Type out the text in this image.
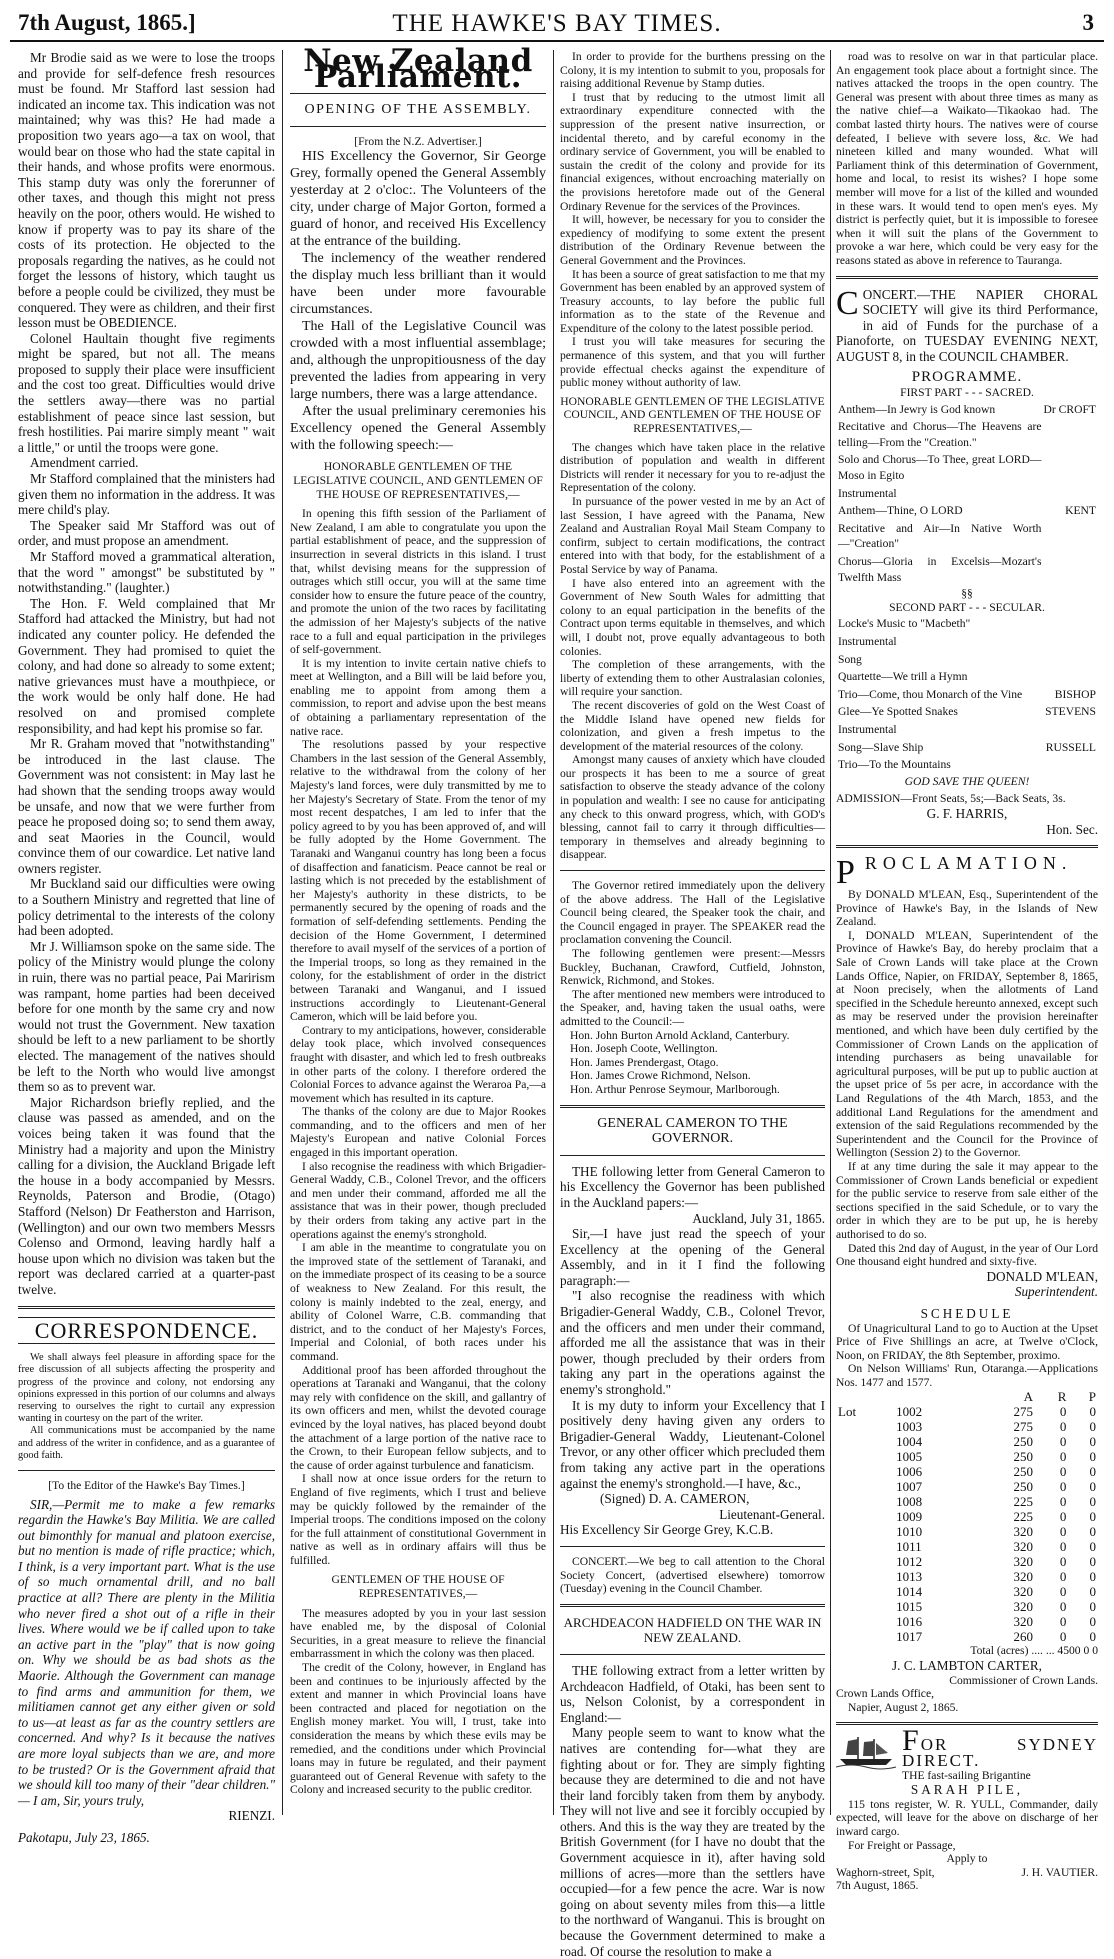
7th August, 1865.]	THE HAWKE'S BAY TIMES.	3

Mr Brodie said as we were to lose the troops and provide for self-defence fresh resources must be found. Mr Stafford last session had indicated an income tax. This indication was not maintained; why was this? He had made a proposition two years ago—a tax on wool, that would bear on those who had the state capital in their hands, and whose profits were enormous. This stamp duty was only the forerunner of other taxes, and though this might not press heavily on the poor, others would. He wished to know if property was to pay its share of the costs of its protection. He objected to the proposals regarding the natives, as he could not forget the lessons of history, which taught us before a people could be civilized, they must be conquered. They were as children, and their first lesson must be OBEDIENCE.

Colonel Haultain thought five regiments might be spared, but not all. The means proposed to supply their place were insufficient and the cost too great. Difficulties would drive the settlers away—there was no partial establishment of peace since last session, but fresh hostilities. Pai marire simply meant " wait a little," or until the troops were gone.

Amendment carried.

Mr Stafford complained that the ministers had given them no information in the address. It was mere child's play.

The Speaker said Mr Stafford was out of order, and must propose an amendment.

Mr Stafford moved a grammatical alteration, that the word " amongst" be substituted by " notwithstanding." (laughter.)

The Hon. F. Weld complained that Mr Stafford had attacked the Ministry, but had not indicated any counter policy. He defended the Government. They had promised to quiet the colony, and had done so already to some extent; native grievances must have a mouthpiece, or the work would be only half done. He had resolved on and promised complete responsibility, and had kept his promise so far.

Mr R. Graham moved that "notwithstanding" be introduced in the last clause. The Government was not consistent: in May last he had shown that the sending troops away would be unsafe, and now that we were further from peace he proposed doing so; to send them away, and seat Maories in the Council, would convince them of our cowardice. Let native land owners register.

Mr Buckland said our difficulties were owing to a Southern Ministry and regretted that line of policy detrimental to the interests of the colony had been adopted.

Mr J. Williamson spoke on the same side. The policy of the Ministry would plunge the colony in ruin, there was no partial peace, Pai Marirism was rampant, home parties had been deceived before for one month by the same cry and now would not trust the Government. New taxation should be left to a new parliament to be shortly elected. The management of the natives should be left to the North who would live amongst them so as to prevent war.

Major Richardson briefly replied, and the clause was passed as amended, and on the voices being taken it was found that the Ministry had a majority and upon the Ministry calling for a division, the Auckland Brigade left the house in a body accompanied by Messrs. Reynolds, Paterson and Brodie, (Otago) Stafford (Nelson) Dr Featherston and Harrison, (Wellington) and our own two members Messrs Colenso and Ormond, leaving hardly half a house upon which no division was taken but the report was declared carried at a quarter-past twelve.

CORRESPONDENCE.

We shall always feel pleasure in affording space for the free discussion of all subjects affecting the prosperity and progress of the province and colony, not endorsing any opinions expressed in this portion of our columns and always reserving to ourselves the right to curtail any expression wanting in courtesy on the part of the writer.

All communications must be accompanied by the name and address of the writer in confidence, and as a guarantee of good faith.

[To the Editor of the Hawke's Bay Times.]

SIR,—Permit me to make a few remarks regardin the Hawke's Bay Militia. We are called out bimonthly for manual and platoon exercise, but no mention is made of rifle practice; which, I think, is a very important part. What is the use of so much ornamental drill, and no ball practice at all? There are plenty in the Militia who never fired a shot out of a rifle in their lives. Where would we be if called upon to take an active part in the "play" that is now going on. Why we should be as bad shots as the Maorie. Although the Government can manage to find arms and ammunition for them, we militiamen cannot get any either given or sold to us—at least as far as the country settlers are concerned. And why? Is it because the natives are more loyal subjects than we are, and more to be trusted? Or is the Government afraid that we should kill too many of their "dear children." — I am, Sir, yours truly,

RIENZI.

Pakotapu, July 23, 1865.

New Zealand Parliament.
OPENING OF THE ASSEMBLY.

[From the N.Z. Advertiser.]

HIS Excellency the Governor, Sir George Grey, formally opened the General Assembly yesterday at 2 o'cloc:. The Volunteers of the city, under charge of Major Gorton, formed a guard of honor, and received His Excellency at the entrance of the building.

The inclemency of the weather rendered the display much less brilliant than it would have been under more favourable circumstances.

The Hall of the Legislative Council was crowded with a most influential assemblage; and, although the unpropitiousness of the day prevented the ladies from appearing in very large numbers, there was a large attendance.

After the usual preliminary ceremonies his Excellency opened the General Assembly with the following speech:—

HONORABLE GENTLEMEN OF THE LEGISLATIVE COUNCIL, AND GENTLEMEN OF THE HOUSE OF REPRESENTATIVES,—

In opening this fifth session of the Parliament of New Zealand, I am able to congratulate you upon the partial establishment of peace, and the suppression of insurrection in several districts in this island. I trust that, whilst devising means for the suppression of outrages which still occur, you will at the same time consider how to ensure the future peace of the country, and promote the union of the two races by facilitating the admission of her Majesty's subjects of the native race to a full and equal participation in the privileges of self-government.

It is my intention to invite certain native chiefs to meet at Wellington, and a Bill will be laid before you, enabling me to appoint from among them a commission, to report and advise upon the best means of obtaining a parliamentary representation of the native race.

The resolutions passed by your respective Chambers in the last session of the General Assembly, relative to the withdrawal from the colony of her Majesty's land forces, were duly transmitted by me to her Majesty's Secretary of State. From the tenor of my most recent despatches, I am led to infer that the policy agreed to by you has been approved of, and will be fully adopted by the Home Government. The Taranaki and Wanganui country has long been a focus of disaffection and fanaticism. Peace cannot be real or lasting which is not preceded by the establishment of her Majesty's authority in these districts, to be permanently secured by the opening of roads and the formation of self-defending settlements. Pending the decision of the Home Government, I determined therefore to avail myself of the services of a portion of the Imperial troops, so long as they remained in the colony, for the establishment of order in the district between Taranaki and Wanganui, and I issued instructions accordingly to Lieutenant-General Cameron, which will be laid before you.

Contrary to my anticipations, however, considerable delay took place, which involved consequences fraught with disaster, and which led to fresh outbreaks in other parts of the colony. I therefore ordered the Colonial Forces to advance against the Weraroa Pa,—a movement which has resulted in its capture.

The thanks of the colony are due to Major Rookes commanding, and to the officers and men of her Majesty's European and native Colonial Forces engaged in this important operation.

I also recognise the readiness with which Brigadier-General Waddy, C.B., Colonel Trevor, and the officers and men under their command, afforded me all the assistance that was in their power, though precluded by their orders from taking any active part in the operations against the enemy's stronghold.

I am able in the meantime to congratulate you on the improved state of the settlement of Taranaki, and on the immediate prospect of its ceasing to be a source of weakness to New Zealand. For this result, the colony is mainly indebted to the zeal, energy, and ability of Colonel Warre, C.B. commanding that district, and to the conduct of her Majesty's Forces, Imperial and Colonial, of both races under his command.

Additional proof has been afforded throughout the operations at Taranaki and Wanganui, that the colony may rely with confidence on the skill, and gallantry of its own officers and men, whilst the devoted courage evinced by the loyal natives, has placed beyond doubt the attachment of a large portion of the native race to the Crown, to their European fellow subjects, and to the cause of order against turbulence and fanaticism.

I shall now at once issue orders for the return to England of five regiments, which I trust and believe may be quickly followed by the remainder of the Imperial troops. The conditions imposed on the colony for the full attainment of constitutional Government in native as well as in ordinary affairs will thus be fulfilled.

GENTLEMEN OF THE HOUSE OF REPRESENTATIVES,—

The measures adopted by you in your last session have enabled me, by the disposal of Colonial Securities, in a great measure to relieve the financial embarrassment in which the colony was then placed.

The credit of the Colony, however, in England has been and continues to be injuriously affected by the extent and manner in which Provincial loans have been contracted and placed for negotiation on the English money market. You will, I trust, take into consideration the means by which these evils may be remedied, and the conditions under which Provincial loans may in future be regulated, and their payment guaranteed out of General Revenue with safety to the Colony and increased security to the public creditor.

In order to provide for the burthens pressing on the Colony, it is my intention to submit to you, proposals for raising additional Revenue by Stamp duties.

I trust that by reducing to the utmost limit all extraordinary expenditure connected with the suppression of the present native insurrection, or incidental thereto, and by careful economy in the ordinary service of Government, you will be enabled to sustain the credit of the colony and provide for its financial exigences, without encroaching materially on the provisions heretofore made out of the General Ordinary Revenue for the services of the Provinces.

It will, however, be necessary for you to consider the expediency of modifying to some extent the present distribution of the Ordinary Revenue between the General Government and the Provinces.

It has been a source of great satisfaction to me that my Government has been enabled by an approved system of Treasury accounts, to lay before the public full information as to the state of the Revenue and Expenditure of the colony to the latest possible period.

I trust you will take measures for securing the permanence of this system, and that you will further provide effectual checks against the expenditure of public money without authority of law.

HONORABLE GENTLEMEN OF THE LEGISLATIVE COUNCIL, AND GENTLEMEN OF THE HOUSE OF REPRESENTATIVES,—

The changes which have taken place in the relative distribution of population and wealth in different Districts will render it necessary for you to re-adjust the Representation of the colony.

In pursuance of the power vested in me by an Act of last Session, I have agreed with the Panama, New Zealand and Australian Royal Mail Steam Company to confirm, subject to certain modifications, the contract entered into with that body, for the establishment of a Postal Service by way of Panama.

I have also entered into an agreement with the Government of New South Wales for admitting that colony to an equal participation in the benefits of the Contract upon terms equitable in themselves, and which will, I doubt not, prove equally advantageous to both colonies.

The completion of these arrangements, with the liberty of extending them to other Australasian colonies, will require your sanction.

The recent discoveries of gold on the West Coast of the Middle Island have opened new fields for colonization, and given a fresh impetus to the development of the material resources of the colony.

Amongst many causes of anxiety which have clouded our prospects it has been to me a source of great satisfaction to observe the steady advance of the colony in population and wealth: I see no cause for anticipating any check to this onward progress, which, with GOD's blessing, cannot fail to carry it through difficulties—temporary in themselves and already beginning to disappear.

The Governor retired immediately upon the delivery of the above address. The Hall of the Legislative Council being cleared, the Speaker took the chair, and the Council engaged in prayer. The SPEAKER read the proclamation convening the Council.

The following gentlemen were present:—Messrs Buckley, Buchanan, Crawford, Cutfield, Johnston, Renwick, Richmond, and Stokes.

The after mentioned new members were introduced to the Speaker, and, having taken the usual oaths, were admitted to the Council:—

Hon. John Burton Arnold Ackland, Canterbury.

Hon. Joseph Coote, Wellington.

Hon. James Prendergast, Otago.

Hon. James Crowe Richmond, Nelson.

Hon. Arthur Penrose Seymour, Marlborough.

GENERAL CAMERON TO THE GOVERNOR.

THE following letter from General Cameron to his Excellency the Governor has been published in the Auckland papers:—

Auckland, July 31, 1865.

Sir,—I have just read the speech of your Excellency at the opening of the General Assembly, and in it I find the following paragraph:—

"I also recognise the readiness with which Brigadier-General Waddy, C.B., Colonel Trevor, and the officers and men under their command, afforded me all the assistance that was in their power, though precluded by their orders from taking any part in the operations against the enemy's stronghold."

It is my duty to inform your Excellency that I positively deny having given any orders to Brigadier-General Waddy, Lieutenant-Colonel Trevor, or any other officer which precluded them from taking any active part in the operations against the enemy's stronghold.—I have, &c.,

(Signed) D. A. CAMERON,

Lieutenant-General.

His Excellency Sir George Grey, K.C.B.

CONCERT.—We beg to call attention to the Choral Society Concert, (advertised elsewhere) tomorrow (Tuesday) evening in the Council Chamber.

ARCHDEACON HADFIELD ON THE WAR IN NEW ZEALAND.

THE following extract from a letter written by Archdeacon Hadfield, of Otaki, has been sent to us, Nelson Colonist, by a correspondent in England:—

Many people seem to want to know what the natives are contending for—what they are fighting about or for. They are simply fighting because they are determined to die and not have their land forcibly taken from them by anybody. They will not live and see it forcibly occupied by others. And this is the way they are treated by the British Government (for I have no doubt that the Government acquiesce in it), after having sold millions of acres—more than the settlers have occupied—for a few pence the acre. War is now going on about seventy miles from this—a little to the northward of Wanganui. This is brought on because the Government determined to make a road. Of course the resolution to make a

road was to resolve on war in that particular place. An engagement took place about a fortnight since. The natives attacked the troops in the open country. The General was present with about three times as many as the native chief—a Waikato—Tikaokao had. The combat lasted thirty hours. The natives were of course defeated, I believe with severe loss, &c. We had nineteen killed and many wounded. What will Parliament think of this determination of Government, home and local, to resist its wishes? I hope some member will move for a list of the killed and wounded in these wars. It would tend to open men's eyes. My district is perfectly quiet, but it is impossible to foresee when it will suit the plans of the Government to provoke a war here, which could be very easy for the reasons stated as above in reference to Tauranga.

CONCERT.—THE NAPIER CHORAL SOCIETY will give its third Performance, in aid of Funds for the purchase of a Pianoforte, on TUESDAY EVENING NEXT, AUGUST 8, in the COUNCIL CHAMBER.

PROGRAMME.

FIRST PART - - - SACRED.

Anthem—In Jewry is God known	Dr CROFT
Recitative and Chorus—The Heavens are telling—From the "Creation."	
Solo and Chorus—To Thee, great LORD—Moso in Egito	
Instrumental	
Anthem—Thine, O LORD	KENT
Recitative and Air—In Native Worth—"Creation"	
Chorus—Gloria in Excelsis—Mozart's Twelfth Mass	

§§

SECOND PART - - - SECULAR.

Locke's Music to "Macbeth"	
Instrumental	
Song	
Quartette—We trill a Hymn	
Trio—Come, thou Monarch of the Vine	BISHOP
Glee—Ye Spotted Snakes	STEVENS
Instrumental	
Song—Slave Ship	RUSSELL
Trio—To the Mountains	

GOD SAVE THE QUEEN!

ADMISSION—Front Seats, 5s;—Back Seats, 3s.

G. F. HARRIS,

Hon. Sec.

PROCLAMATION.

By DONALD M'LEAN, Esq., Superintendent of the Province of Hawke's Bay, in the Islands of New Zealand.

I, DONALD M'LEAN, Superintendent of the Province of Hawke's Bay, do hereby proclaim that a Sale of Crown Lands will take place at the Crown Lands Office, Napier, on FRIDAY, September 8, 1865, at Noon precisely, when the allotments of Land specified in the Schedule hereunto annexed, except such as may be reserved under the provision hereinafter mentioned, and which have been duly certified by the Commissioner of Crown Lands on the application of intending purchasers as being unavailable for agricultural purposes, will be put up to public auction at the upset price of 5s per acre, in accordance with the Land Regulations of the 4th March, 1853, and the additional Land Regulations for the amendment and extension of the said Regulations recommended by the Superintendent and the Council for the Province of Wellington (Session 2) to the Governor.

If at any time during the sale it may appear to the Commissioner of Crown Lands beneficial or expedient for the public service to reserve from sale either of the sections specified in the said Schedule, or to vary the order in which they are to be put up, he is hereby authorised to do so.

Dated this 2nd day of August, in the year of Our Lord One thousand eight hundred and sixty-five.

DONALD M'LEAN,

Superintendent.

SCHEDULE

Of Unagricultural Land to go to Auction at the Upset Price of Five Shillings an acre, at Twelve o'Clock, Noon, on FRIDAY, the 8th September, proximo.

On Nelson Williams' Run, Otaranga.—Applications Nos. 1477 and 1577.

		A	R	P
Lot	1002	275	0	0
	1003	275	0	0
	1004	250	0	0
	1005	250	0	0
	1006	250	0	0
	1007	250	0	0
	1008	225	0	0
	1009	225	0	0
	1010	320	0	0
	1011	320	0	0
	1012	320	0	0
	1013	320	0	0
	1014	320	0	0
	1015	320	0	0
	1016	320	0	0
	1017	260	0	0

Total (acres) .... ... 4500 0 0

J. C. LAMBTON CARTER,

Commissioner of Crown Lands.

Crown Lands Office,

Napier, August 2, 1865.

FOR SYDNEY DIRECT.

THE fast-sailing Brigantine

SARAH PILE,

115 tons register, W. R. YULL, Commander, daily expected, will leave for the above on discharge of her inward cargo.

For Freight or Passage,

Apply to

Waghorn-street, Spit,	J. H. VAUTIER.

7th August, 1865.
